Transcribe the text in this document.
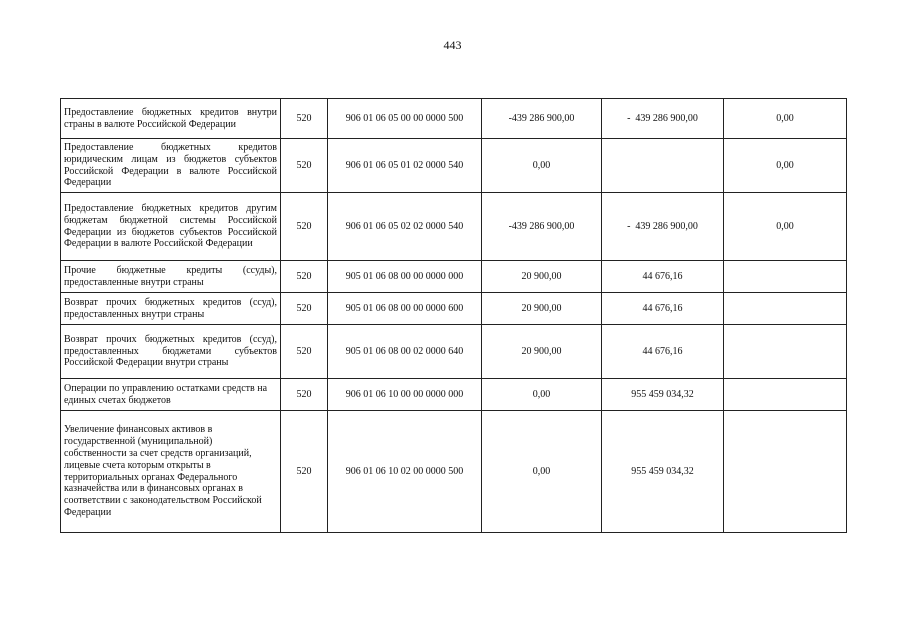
443
Предоставлеиие бюджетных кредитов внутри страны в валюте Российской Федерации	520	906 01 06 05 00 00 0000 500	-439 286 900,00	-  439 286 900,00	0,00
Предоставление бюджетных кредитов юридическим лицам из бюджетов субъектов Российской Федерации в валюте Российской Федерации	520	906 01 06 05 01 02 0000 540	0,00		0,00
Предоставление бюджетных кредитов другим бюджетам бюджетной системы Российской Федерации из бюджетов субъектов Российской Федерации в валюте Российской Федерации	520	906 01 06 05 02 02 0000 540	-439 286 900,00	-  439 286 900,00	0,00
Прочие бюджетные кредиты (ссуды), предоставленные внутри страны	520	905 01 06 08 00 00 0000 000	20 900,00	44 676,16	
Возврат прочих бюджетных кредитов (ссуд), предоставленных внутри страны	520	905 01 06 08 00 00 0000 600	20 900,00	44 676,16	
Возврат прочих бюджетных кредитов (ссуд), предоставленных бюджетами субъектов Российской Федерации внутри страны	520	905 01 06 08 00 02 0000 640	20 900,00	44 676,16	
Операции по управлению остатками средств на единых счетах бюджетов	520	906 01 06 10 00 00 0000 000	0,00	955 459 034,32	
Увеличение финансовых активов в государственной (муниципальной) собственности за счет средств организаций, лицевые счета которым открыты в территориальных органах Федерального казначейства или в финансовых органах в соответствии с законодательством Российской Федерации	520	906 01 06 10 02 00 0000 500	0,00	955 459 034,32	
